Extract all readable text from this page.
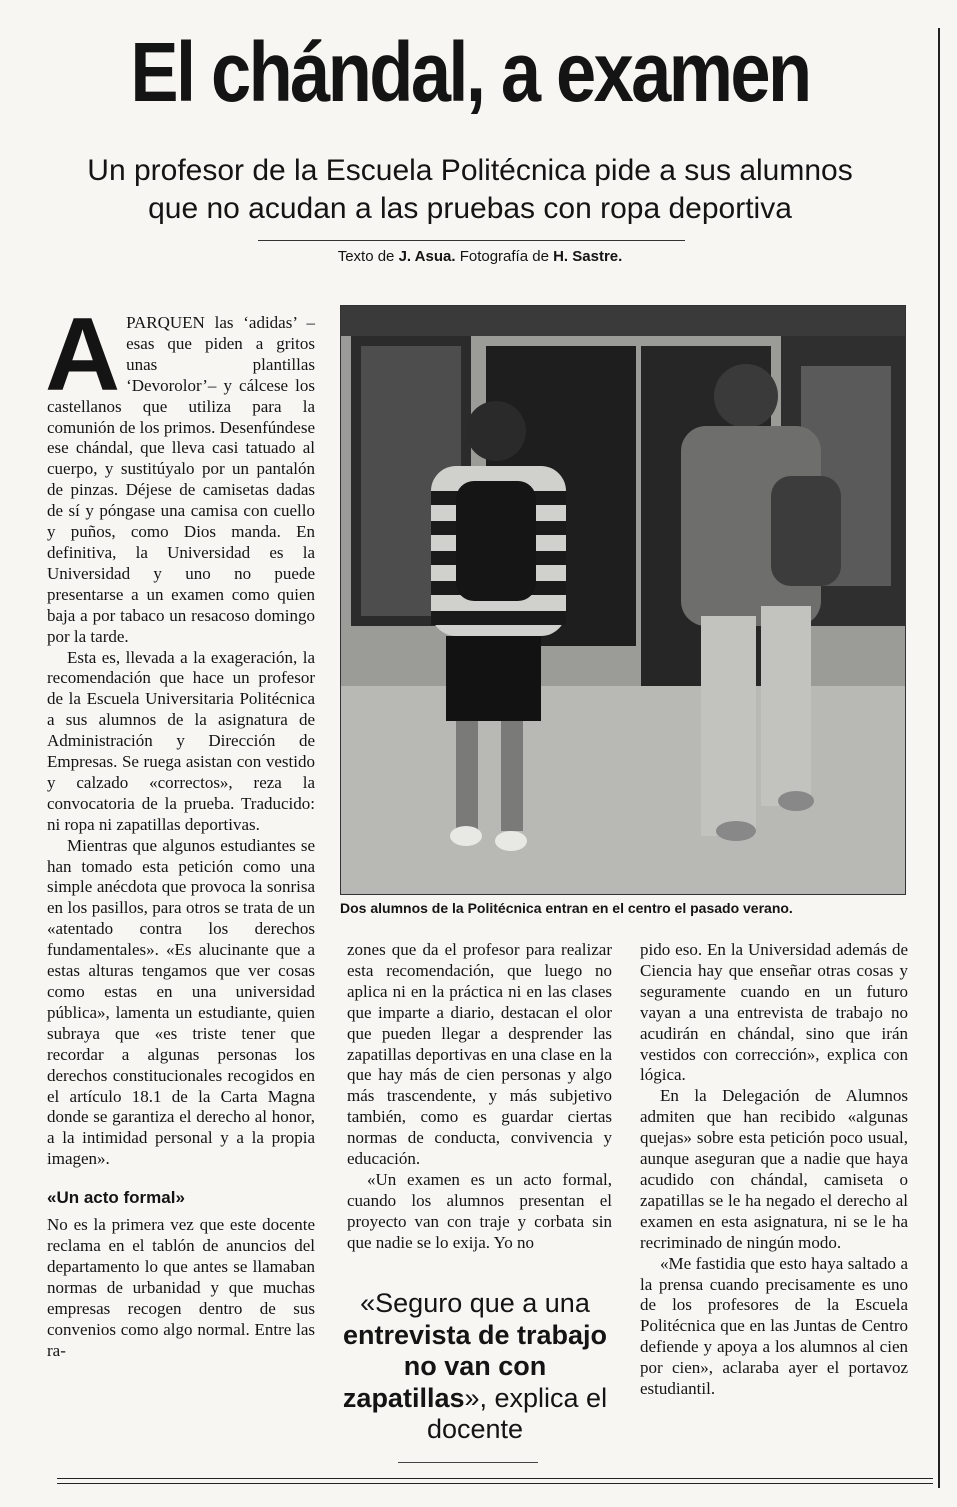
El chándal, a examen
Un profesor de la Escuela Politécnica pide a sus alumnos
que no acudan a las pruebas con ropa deportiva
Texto de J. Asua. Fotografía de H. Sastre.
A PARQUEN las ‘adidas’ –esas que piden a gritos unas plantillas ‘Devorolor’– y cálcese los castellanos que utiliza para la comunión de los primos. Desenfúndese ese chándal, que lleva casi tatuado al cuerpo, y sustitúyalo por un pantalón de pinzas. Déjese de camisetas dadas de sí y póngase una camisa con cuello y puños, como Dios manda. En definitiva, la Universidad es la Universidad y uno no puede presentarse a un examen como quien baja a por tabaco un resacoso domingo por la tarde.

Esta es, llevada a la exageración, la recomendación que hace un profesor de la Escuela Universitaria Politécnica a sus alumnos de la asignatura de Administración y Dirección de Empresas. Se ruega asistan con vestido y calzado «correctos», reza la convocatoria de la prueba. Traducido: ni ropa ni zapatillas deportivas.

Mientras que algunos estudiantes se han tomado esta petición como una simple anécdota que provoca la sonrisa en los pasillos, para otros se trata de un «atentado contra los derechos fundamentales». «Es alucinante que a estas alturas tengamos que ver cosas como estas en una universidad pública», lamenta un estudiante, quien subraya que «es triste tener que recordar a algunas personas los derechos constitucionales recogidos en el artículo 18.1 de la Carta Magna donde se garantiza el derecho al honor, a la intimidad personal y a la propia imagen».

«Un acto formal»

No es la primera vez que este docente reclama en el tablón de anuncios del departamento lo que antes se llamaban normas de urbanidad y que muchas empresas recogen dentro de sus convenios como algo normal. Entre las ra-

Dos alumnos de la Politécnica entran en el centro el pasado verano.

zones que da el profesor para realizar esta recomendación, que luego no aplica ni en la práctica ni en las clases que imparte a diario, destacan el olor que pueden llegar a desprender las zapatillas deportivas en una clase en la que hay más de cien personas y algo más trascendente, y más subjetivo también, como es guardar ciertas normas de conducta, convivencia y educación.

«Un examen es un acto formal, cuando los alumnos presentan el proyecto van con traje y corbata sin que nadie se lo exija. Yo no

«Seguro que a una entrevista de trabajo no van con zapatillas», explica el docente

pido eso. En la Universidad además de Ciencia hay que enseñar otras cosas y seguramente cuando en un futuro vayan a una entrevista de trabajo no acudirán en chándal, sino que irán vestidos con corrección», explica con lógica.

En la Delegación de Alumnos admiten que han recibido «algunas quejas» sobre esta petición poco usual, aunque aseguran que a nadie que haya acudido con chándal, camiseta o zapatillas se le ha negado el derecho al examen en esta asignatura, ni se le ha recriminado de ningún modo.

«Me fastidia que esto haya saltado a la prensa cuando precisamente es uno de los profesores de la Escuela Politécnica que en las Juntas de Centro defiende y apoya a los alumnos al cien por cien», aclaraba ayer el portavoz estudiantil.
